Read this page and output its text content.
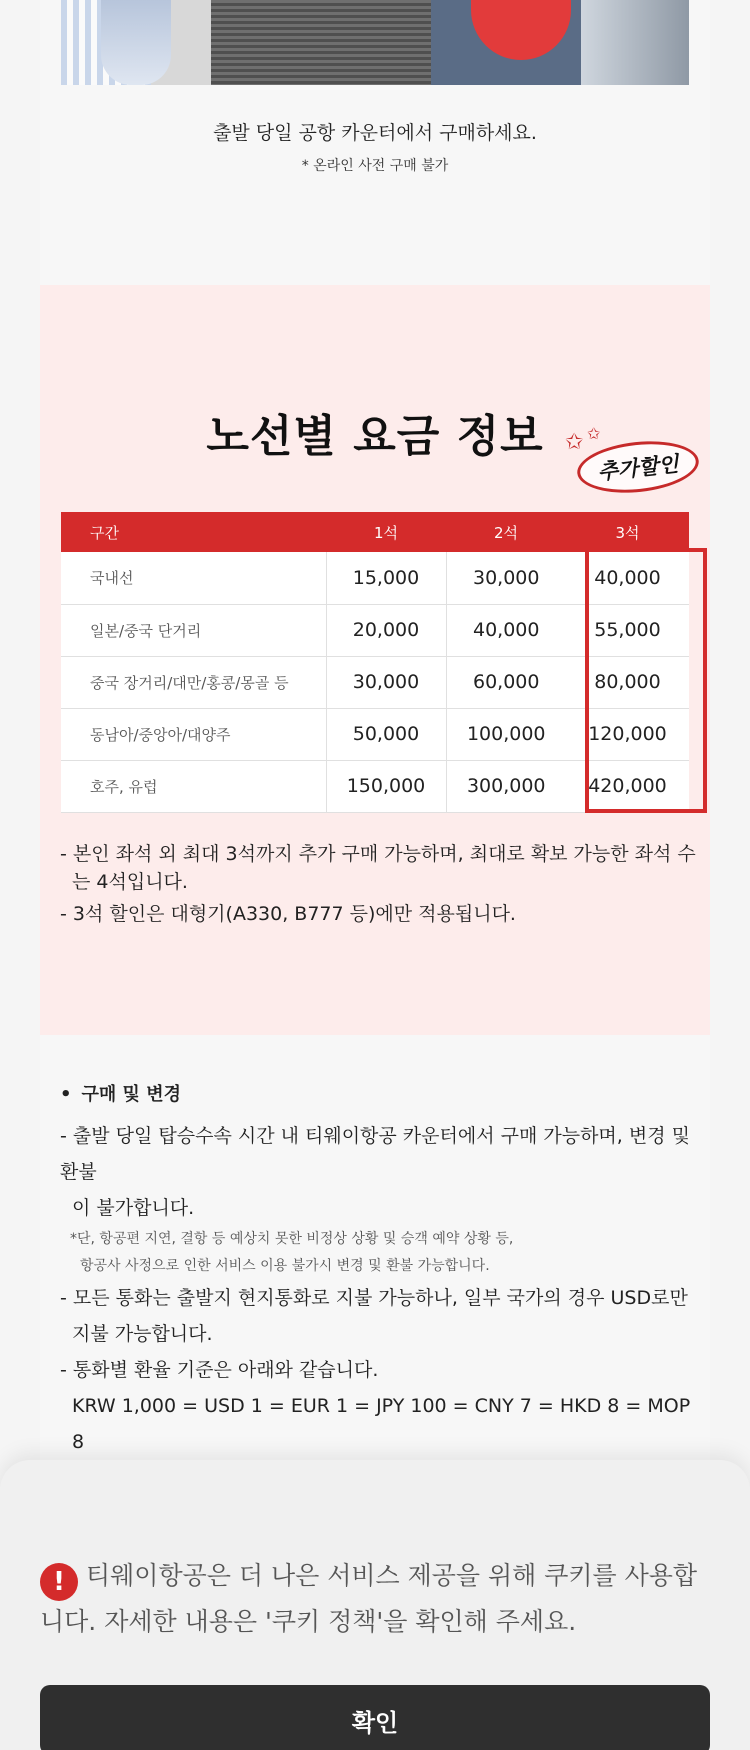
출발 당일 공항 카운터에서 구매하세요.
* 온라인 사전 구매 불가
노선별 요금 정보 ✩ ✩
추가할인
구간	1석	2석	3석
국내선	15,000	30,000	40,000
일본/중국 단거리	20,000	40,000	55,000
중국 장거리/대만/홍콩/몽골 등	30,000	60,000	80,000
동남아/중앙아/대양주	50,000	100,000	120,000
호주, 유럽	150,000	300,000	420,000

- 본인 좌석 외 최대 3석까지 추가 구매 가능하며, 최대로 확보 가능한 좌석 수는 4석입니다.

- 3석 할인은 대형기(A330, B777 등)에만 적용됩니다.

• 구매 및 변경

- 출발 당일 탑승수속 시간 내 티웨이항공 카운터에서 구매 가능하며, 변경 및 환불

이 불가합니다.

*단, 항공편 지연, 결항 등 예상치 못한 비정상 상황 및 승객 예약 상황 등,

항공사 사정으로 인한 서비스 이용 불가시 변경 및 환불 가능합니다.

- 모든 통화는 출발지 현지통화로 지불 가능하나, 일부 국가의 경우 USD로만

지불 가능합니다.

- 통화별 환율 기준은 아래와 같습니다.

KRW 1,000 = USD 1 = EUR 1 = JPY 100 = CNY 7 = HKD 8 = MOP 8

! 티웨이항공은 더 나은 서비스 제공을 위해 쿠키를 사용합니다. 자세한 내용은 '쿠키 정책'을 확인해 주세요.
확인
